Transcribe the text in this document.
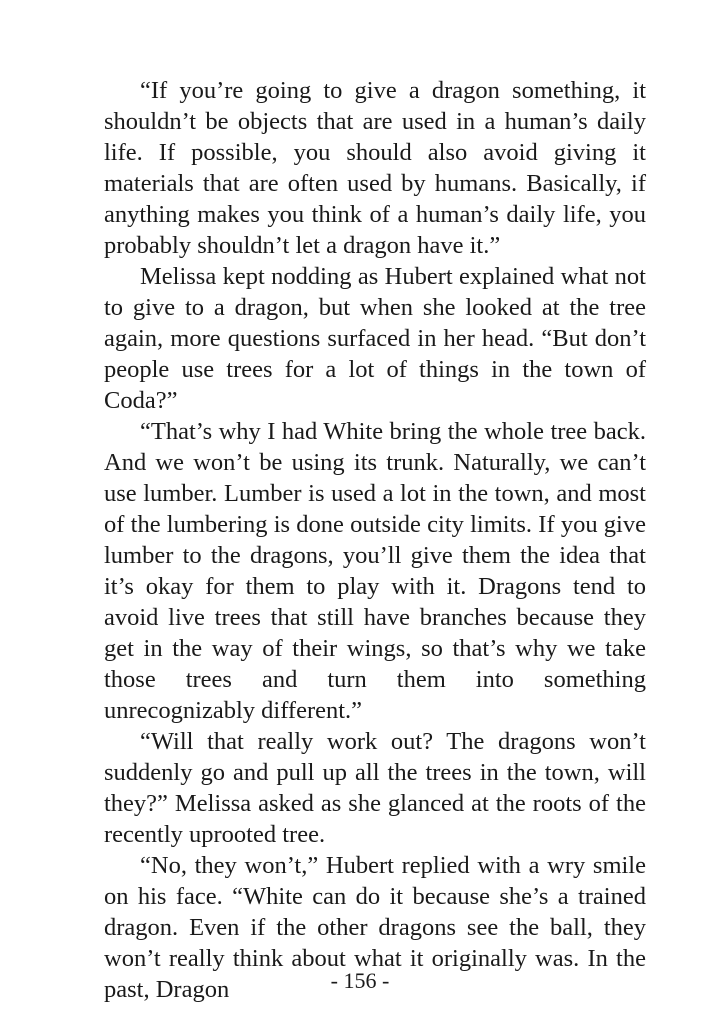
“If you’re going to give a dragon something, it shouldn’t be objects that are used in a human’s daily life. If possible, you should also avoid giving it materials that are often used by humans. Basically, if anything makes you think of a human’s daily life, you probably shouldn’t let a dragon have it.”

Melissa kept nodding as Hubert explained what not to give to a dragon, but when she looked at the tree again, more questions surfaced in her head. “But don’t people use trees for a lot of things in the town of Coda?”

“That’s why I had White bring the whole tree back. And we won’t be using its trunk. Naturally, we can’t use lumber. Lumber is used a lot in the town, and most of the lumbering is done outside city limits. If you give lumber to the dragons, you’ll give them the idea that it’s okay for them to play with it. Dragons tend to avoid live trees that still have branches because they get in the way of their wings, so that’s why we take those trees and turn them into something unrecognizably different.”

“Will that really work out? The dragons won’t suddenly go and pull up all the trees in the town, will they?” Melissa asked as she glanced at the roots of the recently uprooted tree.

“No, they won’t,” Hubert replied with a wry smile on his face. “White can do it because she’s a trained dragon. Even if the other dragons see the ball, they won’t really think about what it originally was. In the past, Dragon	- 156 -
